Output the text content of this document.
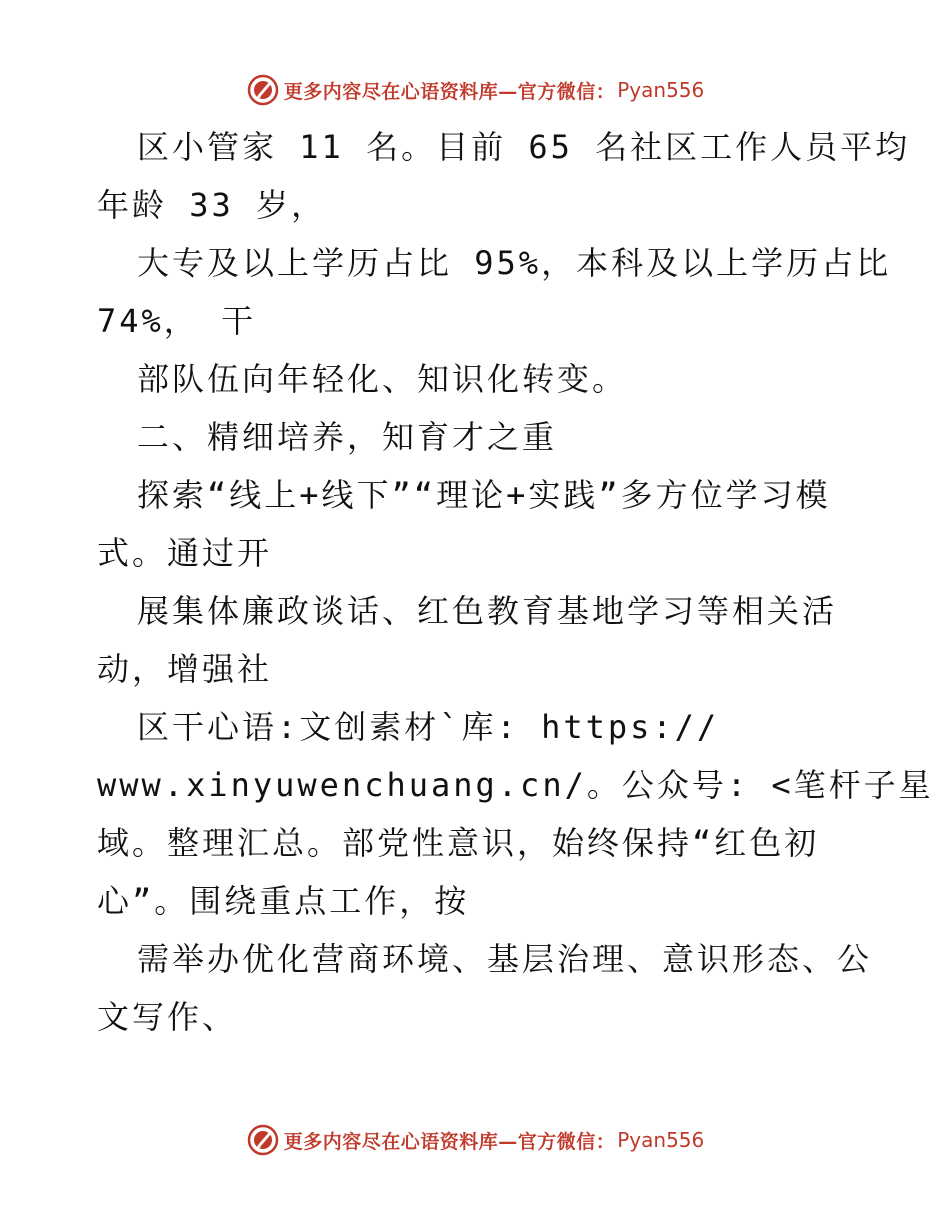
更多内容尽在心语资料库—官方微信： Pyan556
区小管家 11 名。目前 65 名社区工作人员平均
年龄 33 岁，
大专及以上学历占比 95%，本科及以上学历占比
74%， 干
部队伍向年轻化、知识化转变。
二、精细培养，知育才之重
探索“线上+线下”“理论+实践”多方位学习模
式。通过开
展集体廉政谈话、红色教育基地学习等相关活
动，增强社
区干心语:文创素材`库: https://
www.xinyuwenchuang.cn/。公众号: <笔杆子星
域。整理汇总。部党性意识，始终保持“红色初
心”。围绕重点工作，按
需举办优化营商环境、基层治理、意识形态、公
文写作、
更多内容尽在心语资料库—官方微信： Pyan556
